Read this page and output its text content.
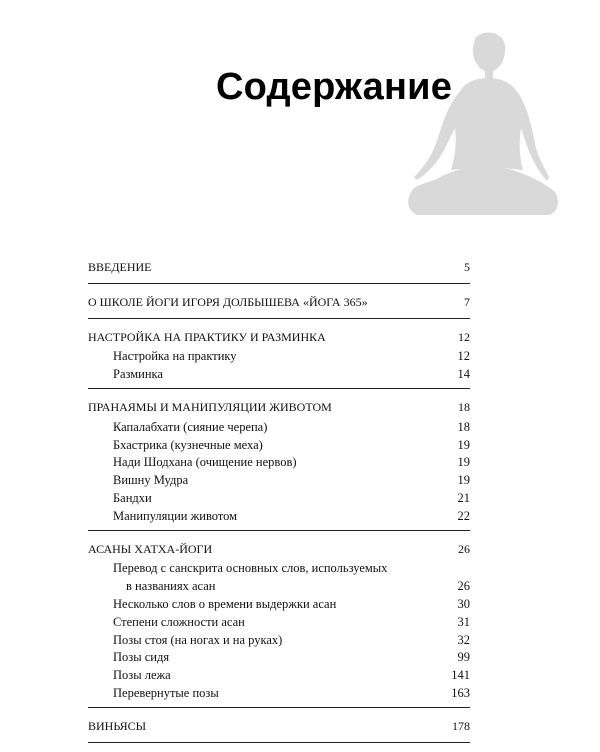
Содержание
ВВЕДЕНИЕ	5
О ШКОЛЕ ЙОГИ ИГОРЯ ДОЛБЫШЕВА «ЙОГА 365»	7
НАСТРОЙКА НА ПРАКТИКУ И РАЗМИНКА	12
Настройка на практику	12
Разминка	14
ПРАНАЯМЫ И МАНИПУЛЯЦИИ ЖИВОТОМ	18
Капалабхати (сияние черепа)	18
Бхастрика (кузнечные меха)	19
Нади Шодхана (очищение нервов)	19
Вишну Мудра	19
Бандхи	21
Манипуляции животом	22
АСАНЫ ХАТХА-ЙОГИ	26
Перевод с санскрита основных слов, используемых
в названиях асан	26
Несколько слов о времени выдержки асан	30
Степени сложности асан	31
Позы стоя (на ногах и на руках)	32
Позы сидя	99
Позы лежа	141
Перевернутые позы	163
ВИНЬЯСЫ	178
